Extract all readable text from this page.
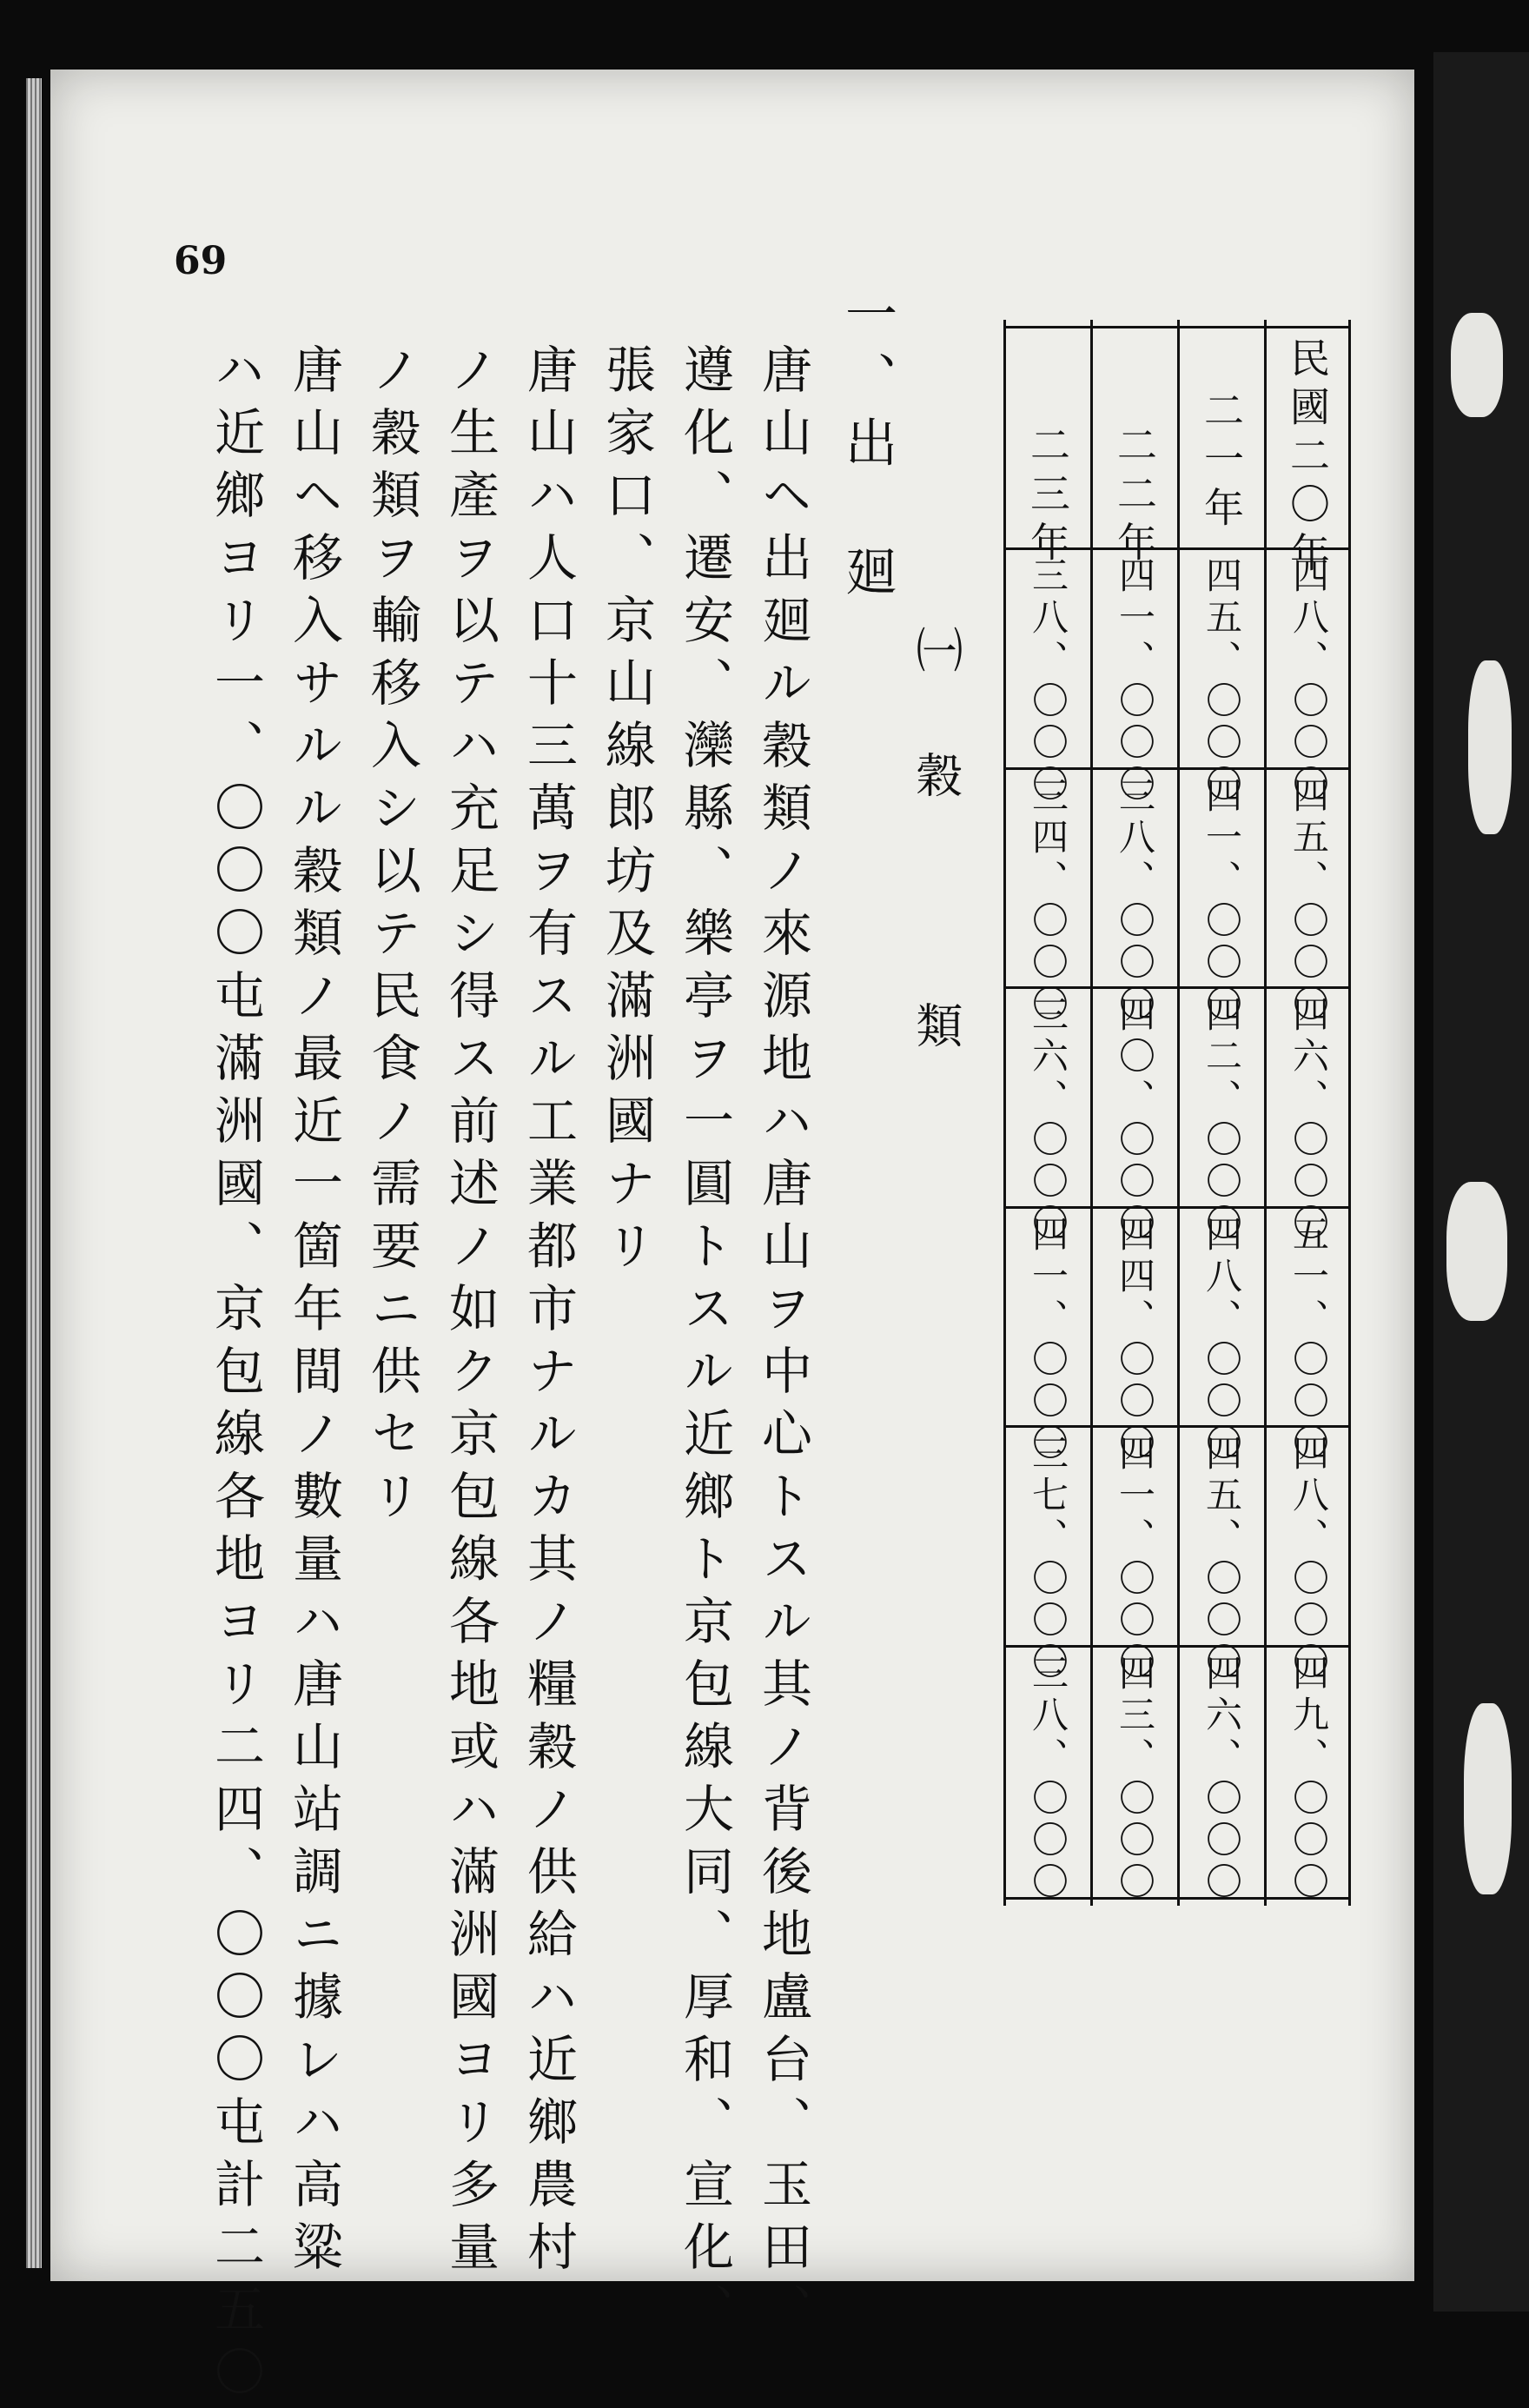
69
民國二〇年
四八、〇〇〇
四五、〇〇〇
四六、〇〇〇
五一、〇〇〇
四八、〇〇〇
四九、〇〇〇
二一年
四五、〇〇〇
四一、〇〇〇
四二、〇〇〇
四八、〇〇〇
四五、〇〇〇
四六、〇〇〇
二二年
四一、〇〇〇
三八、〇〇〇
四〇、〇〇〇
四四、〇〇〇
四一、〇〇〇
四三、〇〇〇
二三年
三八、〇〇〇
三四、〇〇〇
三六、〇〇〇
四一、〇〇〇
三七、〇〇〇
三八、〇〇〇
㈠穀　類
一、出　廻
唐山ヘ出廻ル穀類ノ來源地ハ唐山ヲ中心トスル其ノ背後地盧台、玉田、
遵化、遷安、灤縣、樂亭ヲ一圓トスル近鄉ト京包線大同、厚和、宣化、
張家口、京山線郎坊及滿洲國ナリ
唐山ハ人口十三萬ヲ有スル工業都市ナルカ其ノ糧穀ノ供給ハ近鄉農村
ノ生產ヲ以テハ充足シ得ス前述ノ如ク京包線各地或ハ滿洲國ヨリ多量
ノ穀類ヲ輸移入シ以テ民食ノ需要ニ供セリ
唐山ヘ移入サルル穀類ノ最近一箇年間ノ數量ハ唐山站調ニ據レハ高粱
ハ近鄉ヨリ一、〇〇〇屯滿洲國、京包線各地ヨリ二四、〇〇〇屯計二五〇
